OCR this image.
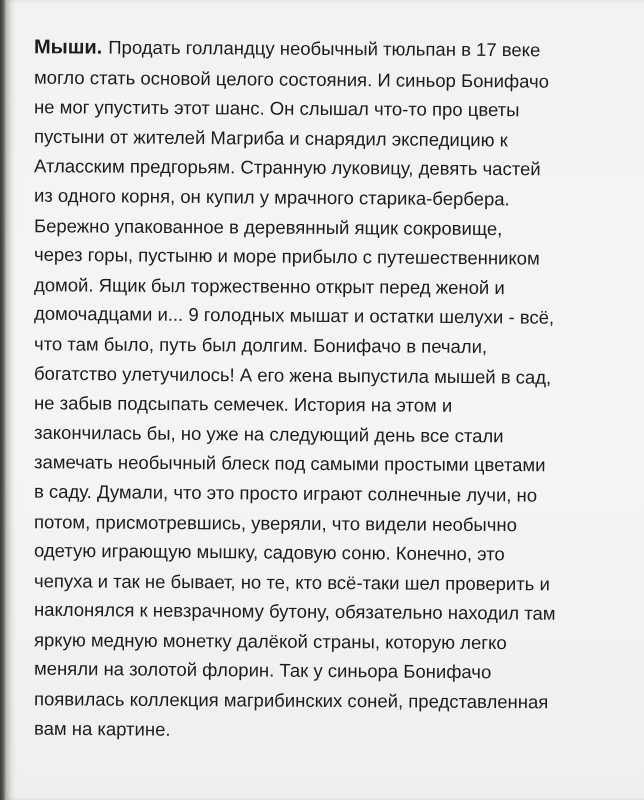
Мыши. Продать голландцу необычный тюльпан в 17 веке
могло стать основой целого состояния. И синьор Бонифачо
не мог упустить этот шанс. Он слышал что-то про цветы
пустыни от жителей Магриба и снарядил экспедицию к
Атласским предгорьям. Странную луковицу, девять частей
из одного корня, он купил у мрачного старика-бербера.
Бережно упакованное в деревянный ящик сокровище,
через горы, пустыню и море прибыло с путешественником
домой. Ящик был торжественно открыт перед женой и
домочадцами и... 9 голодных мышат и остатки шелухи - всё,
что там было, путь был долгим. Бонифачо в печали,
богатство улетучилось! А его жена выпустила мышей в сад,
не забыв подсыпать семечек. История на этом и
закончилась бы, но уже на следующий день все стали
замечать необычный блеск под самыми простыми цветами
в саду. Думали, что это просто играют солнечные лучи, но
потом, присмотревшись, уверяли, что видели необычно
одетую играющую мышку, садовую соню. Конечно, это
чепуха и так не бывает, но те, кто всё-таки шел проверить и
наклонялся к невзрачному бутону, обязательно находил там
яркую медную монетку далёкой страны, которую легко
меняли на золотой флорин. Так у синьора Бонифачо
появилась коллекция магрибинских соней, представленная
вам на картине.
